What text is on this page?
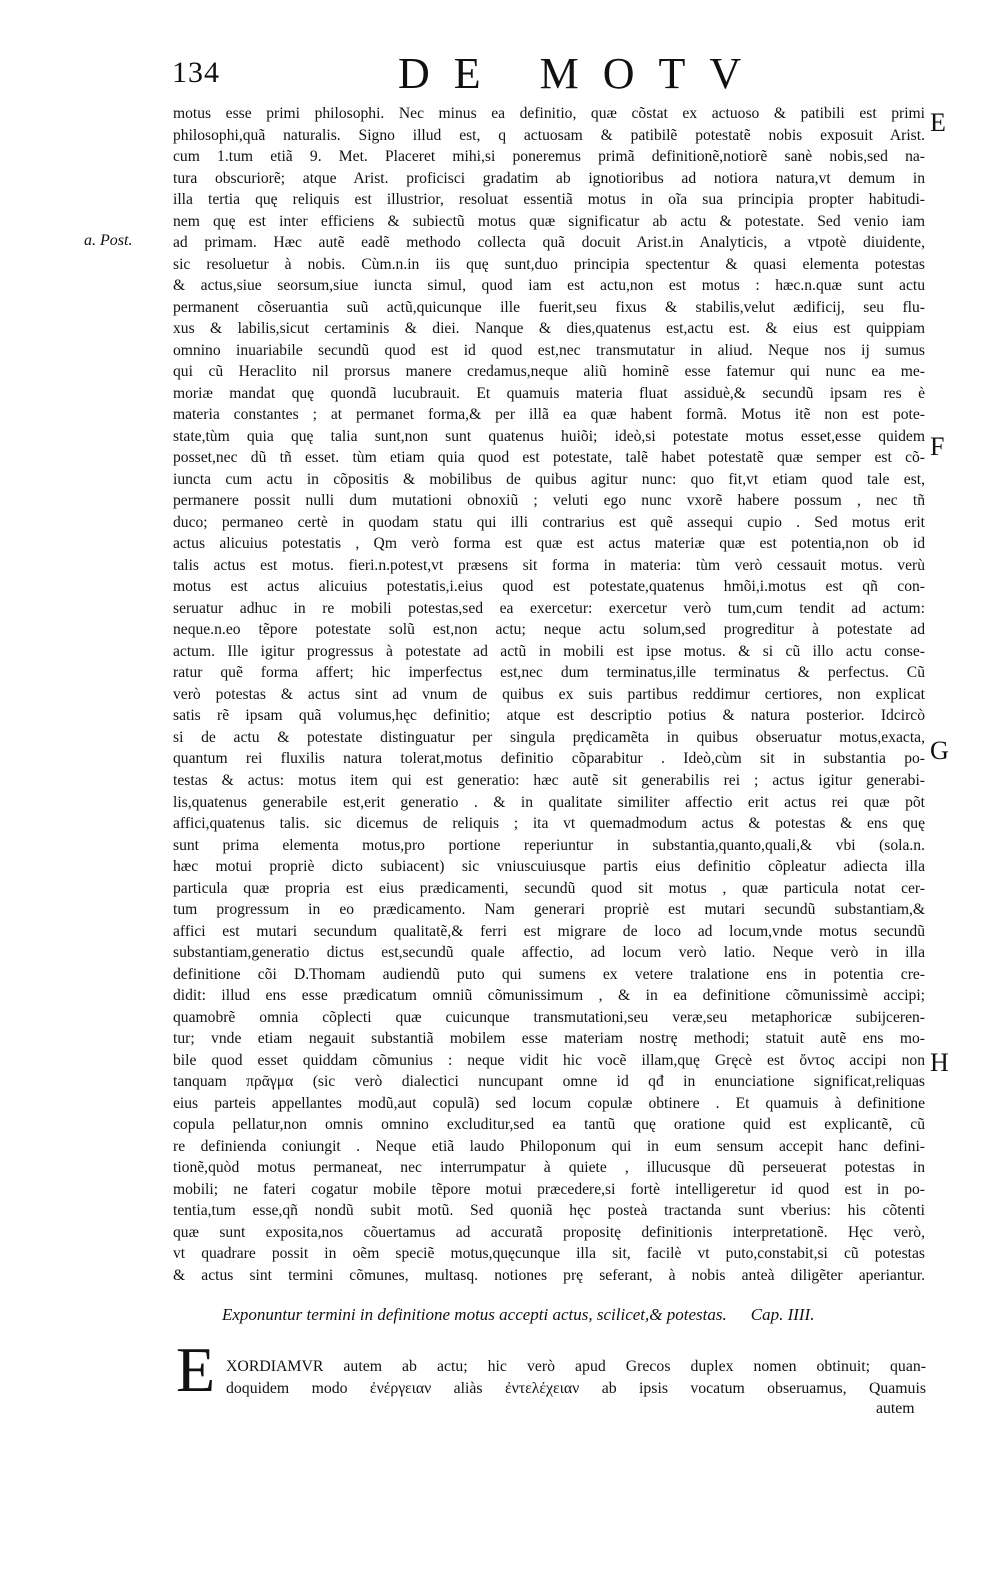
134	DE MOTV
a. Post.
E
F
G
H
motus esse primi philosophi. Nec minus ea definitio, quæ cõstat ex actuoso & patibili est primi
philosophi,quã naturalis. Signo illud est, q actuosam & patibilẽ potestatẽ nobis exposuit Arist.
cum 1.tum etiã 9. Met. Placeret mihi,si poneremus primã definitionẽ,notiorẽ sanè nobis,sed na-
tura obscuriorẽ; atque Arist. proficisci gradatim ab ignotioribus ad notiora natura,vt demum in
illa tertia quę reliquis est illustrior, resoluat essentiã motus in oĩa sua principia propter habitudi-
nem quę est inter efficiens & subiectũ motus quæ significatur ab actu & potestate. Sed venio iam
ad primam. Hæc autẽ eadẽ methodo collecta quã docuit Arist.in Analyticis, a vtpotè diuidente,
sic resoluetur à nobis. Cùm.n.in iis quę sunt,duo principia spectentur & quasi elementa potestas
& actus,siue seorsum,siue iuncta simul, quod iam est actu,non est motus : hæc.n.quæ sunt actu
permanent cõseruantia suũ actũ,quicunque ille fuerit,seu fixus & stabilis,velut ædificij, seu flu-
xus & labilis,sicut certaminis & diei. Nanque & dies,quatenus est,actu est. & eius est quippiam
omnino inuariabile secundũ quod est id quod est,nec transmutatur in aliud. Neque nos ij sumus
qui cũ Heraclito nil prorsus manere credamus,neque aliũ hominẽ esse fatemur qui nunc ea me-
moriæ mandat quę quondã lucubrauit. Et quamuis materia fluat assiduè,& secundũ ipsam res è
materia constantes ; at permanet forma,& per illã ea quæ habent formã. Motus itẽ non est pote-
state,tùm quia quę talia sunt,non sunt quatenus huiõi; ideò,si potestate motus esset,esse quidem
posset,nec dũ tñ esset. tùm etiam quia quod est potestate, talẽ habet potestatẽ quæ semper est cõ-
iuncta cum actu in cõpositis & mobilibus de quibus agitur nunc: quo fit,vt etiam quod tale est,
permanere possit nulli dum mutationi obnoxiũ ; veluti ego nunc vxorẽ habere possum , nec tñ
duco; permaneo certè in quodam statu qui illi contrarius est quẽ assequi cupio . Sed motus erit
actus alicuius potestatis , Qm verò forma est quæ est actus materiæ quæ est potentia,non ob id
talis actus est motus. fieri.n.potest,vt præsens sit forma in materia: tùm verò cessauit motus. verù
motus est actus alicuius potestatis,i.eius quod est potestate,quatenus hmõi,i.motus est qñ con-
seruatur adhuc in re mobili potestas,sed ea exercetur: exercetur verò tum,cum tendit ad actum:
neque.n.eo tẽpore potestate solũ est,non actu; neque actu solum,sed progreditur à potestate ad
actum. Ille igitur progressus à potestate ad actũ in mobili est ipse motus. & si cũ illo actu conse-
ratur quẽ forma affert; hic imperfectus est,nec dum terminatus,ille terminatus & perfectus. Cũ
verò potestas & actus sint ad vnum de quibus ex suis partibus reddimur certiores, non explicat
satis rẽ ipsam quã volumus,hęc definitio; atque est descriptio potius & natura posterior. Idcircò
si de actu & potestate distinguatur per singula prędicamẽta in quibus obseruatur motus,exacta,
quantum rei fluxilis natura tolerat,motus definitio cõparabitur . Ideò,cùm sit in substantia po-
testas & actus: motus item qui est generatio: hæc autẽ sit generabilis rei ; actus igitur generabi-
lis,quatenus generabile est,erit generatio . & in qualitate similiter affectio erit actus rei quæ põt
affici,quatenus talis. sic dicemus de reliquis ; ita vt quemadmodum actus & potestas & ens quę
sunt prima elementa motus,pro portione reperiuntur in substantia,quanto,quali,& vbi (sola.n.
hæc motui propriè dicto subiacent) sic vniuscuiusque partis eius definitio cõpleatur adiecta illa
particula quæ propria est eius prædicamenti, secundũ quod sit motus , quæ particula notat cer-
tum progressum in eo prædicamento. Nam generari propriè est mutari secundũ substantiam,&
affici est mutari secundum qualitatẽ,& ferri est migrare de loco ad locum,vnde motus secundũ
substantiam,generatio dictus est,secundũ quale affectio, ad locum verò latio. Neque verò in illa
definitione cõi D.Thomam audiendũ puto qui sumens ex vetere tralatione ens in potentia cre-
didit: illud ens esse prædicatum omniũ cõmunissimum , & in ea definitione cõmunissimè accipi;
quamobrẽ omnia cõplecti quæ cuicunque transmutationi,seu veræ,seu metaphoricæ subijceren-
tur; vnde etiam negauit substantiã mobilem esse materiam nostrę methodi; statuit autẽ ens mo-
bile quod esset quiddam cõmunius : neque vidit hic vocẽ illam,quę Gręcè est ὄντος accipi non
tanquam πρᾶγμα (sic verò dialectici nuncupant omne id qđ in enunciatione significat,reliquas
eius parteis appellantes modũ,aut copulã) sed locum copulæ obtinere . Et quamuis à definitione
copula pellatur,non omnis omnino excluditur,sed ea tantũ quę oratione quid est explicantẽ, cũ
re definienda coniungit . Neque etiã laudo Philoponum qui in eum sensum accepit hanc defini-
tionẽ,quòd motus permaneat, nec interrumpatur à quiete , illucusque dũ perseuerat potestas in
mobili; ne fateri cogatur mobile tẽpore motui præcedere,si fortè intelligeretur id quod est in po-
tentia,tum esse,qñ nondũ subit motũ. Sed quoniã hęc posteà tractanda sunt vberius: his cõtenti
quæ sunt exposita,nos cõuertamus ad accuratã propositę definitionis interpretationẽ. Hęc verò,
vt quadrare possit in oẽm speciẽ motus,quęcunque illa sit, facilè vt puto,constabit,si cũ potestas
& actus sint termini cõmunes, multasq. notiones prę seferant, à nobis anteà diligẽter aperiantur.
Exponuntur termini in definitione motus accepti actus, scilicet,& potestas. Cap. IIII.
E XORDIAMVR autem ab actu; hic verò apud Grecos duplex nomen obtinuit; quan-
doquidem modo ἐνέργειαν aliàs ἐντελέχειαν ab ipsis vocatum obseruamus, Quamuis
autem
